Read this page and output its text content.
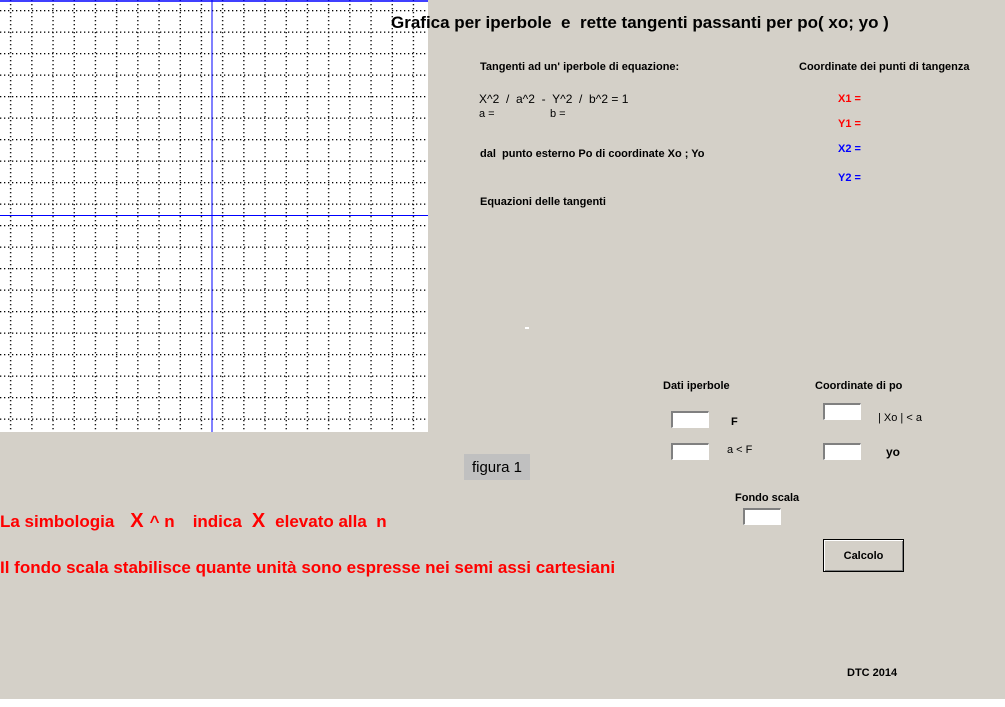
Grafica per iperbole  e  rette tangenti passanti per po( xo; yo )
Tangenti ad un' iperbole di equazione:
X^2  /  a^2  -  Y^2  /  b^2 = 1
a =	b =
dal  punto esterno Po di coordinate Xo ; Yo
Equazioni delle tangenti
Coordinate dei punti di tangenza
X1 =
Y1 =
X2 =
Y2 =
Dati iperbole
F
a < F
Coordinate di po
| Xo | < a
yo
Fondo scala
Calcolo
figura 1
La simbologia X ^ n indica X elevato alla  n
Il fondo scala stabilisce quante unità sono espresse nei semi assi cartesiani
DTC 2014
